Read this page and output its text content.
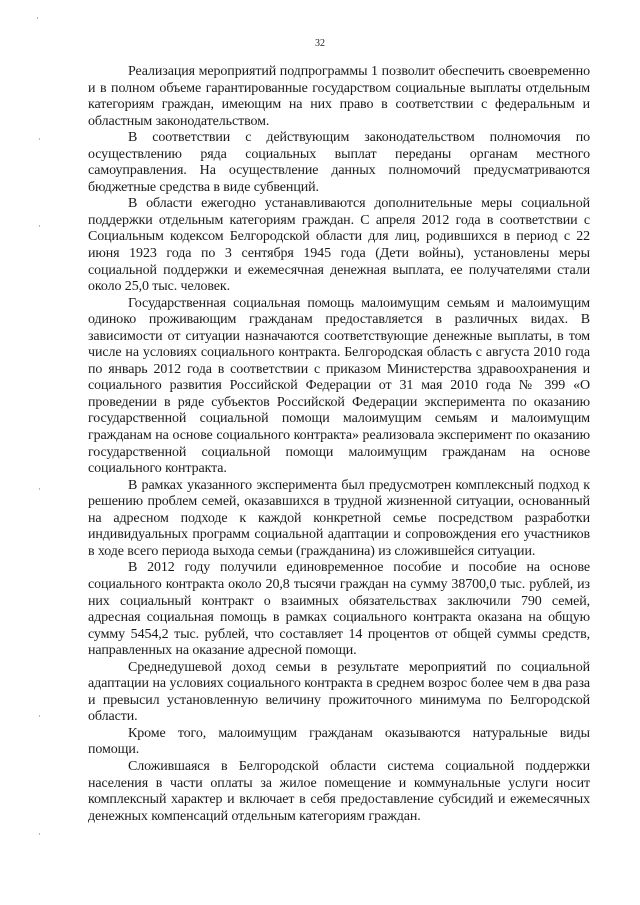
32
·
·
·
·
·
·

Реализация мероприятий подпрограммы 1 позволит обеспечить своевременно и в полном объеме гарантированные государством социальные выплаты отдельным категориям граждан, имеющим на них право в соответствии с федеральным и областным законодательством.

В соответствии с действующим законодательством полномочия по осуществлению ряда социальных выплат переданы органам местного самоуправления. На осуществление данных полномочий предусматриваются бюджетные средства в виде субвенций.

В области ежегодно устанавливаются дополнительные меры социальной поддержки отдельным категориям граждан. С апреля 2012 года в соответствии с Социальным кодексом Белгородской области для лиц, родившихся в период с 22 июня 1923 года по 3 сентября 1945 года (Дети войны), установлены меры социальной поддержки и ежемесячная денежная выплата, ее получателями стали около 25,0 тыс. человек.

Государственная социальная помощь малоимущим семьям и малоимущим одиноко проживающим гражданам предоставляется в различных видах. В зависимости от ситуации назначаются соответствующие денежные выплаты, в том числе на условиях социального контракта. Белгородская область с августа 2010 года по январь 2012 года в соответствии с приказом Министерства здравоохранения и социального развития Российской Федерации от 31 мая 2010 года № 399 «О проведении в ряде субъектов Российской Федерации эксперимента по оказанию государственной социальной помощи малоимущим семьям и малоимущим гражданам на основе социального контракта» реализовала эксперимент по оказанию государственной социальной помощи малоимущим гражданам на основе социального контракта.

В рамках указанного эксперимента был предусмотрен комплексный подход к решению проблем семей, оказавшихся в трудной жизненной ситуации, основанный на адресном подходе к каждой конкретной семье посредством разработки индивидуальных программ социальной адаптации и сопровождения его участников в ходе всего периода выхода семьи (гражданина) из сложившейся ситуации.

В 2012 году получили единовременное пособие и пособие на основе социального контракта около 20,8 тысячи граждан на сумму 38700,0 тыс. рублей, из них социальный контракт о взаимных обязательствах заключили 790 семей, адресная социальная помощь в рамках социального контракта оказана на общую сумму 5454,2 тыс. рублей, что составляет 14 процентов от общей суммы средств, направленных на оказание адресной помощи.

Среднедушевой доход семьи в результате мероприятий по социальной адаптации на условиях социального контракта в среднем возрос более чем в два раза и превысил установленную величину прожиточного минимума по Белгородской области.

Кроме того, малоимущим гражданам оказываются натуральные виды помощи.

Сложившаяся в Белгородской области система социальной поддержки населения в части оплаты за жилое помещение и коммунальные услуги носит комплексный характер и включает в себя предоставление субсидий и ежемесячных денежных компенсаций отдельным категориям граждан.
